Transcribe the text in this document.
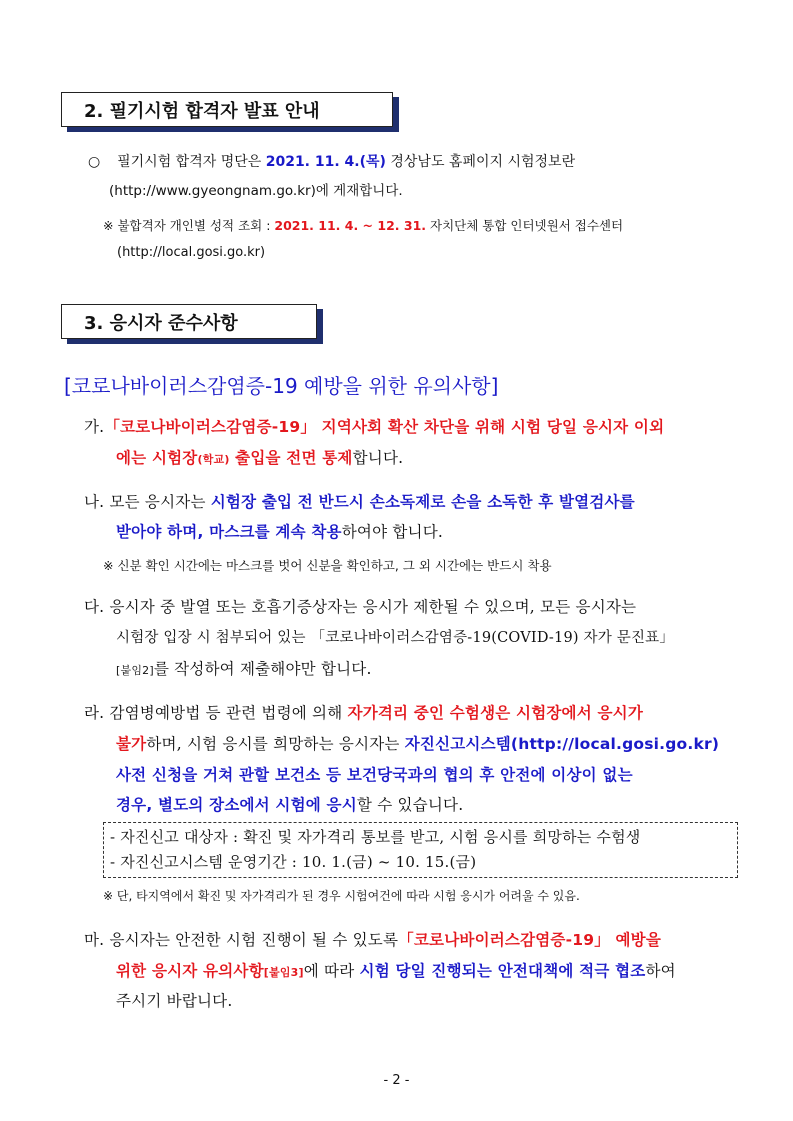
2. 필기시험 합격자 발표 안내
○ 필기시험 합격자 명단은 2021. 11. 4.(목) 경상남도 홈페이지 시험정보란
(http://www.gyeongnam.go.kr)에 게재합니다.
※ 불합격자 개인별 성적 조회 : 2021. 11. 4. ~ 12. 31. 자치단체 통합 인터넷원서 접수센터
(http://local.gosi.go.kr)
3. 응시자 준수사항
[코로나바이러스감염증-19 예방을 위한 유의사항]
가.「코로나바이러스감염증-19」 지역사회 확산 차단을 위해 시험 당일 응시자 이외
에는 시험장(학교) 출입을 전면 통제합니다.
나. 모든 응시자는 시험장 출입 전 반드시 손소독제로 손을 소독한 후 발열검사를
받아야 하며, 마스크를 계속 착용하여야 합니다.
※ 신분 확인 시간에는 마스크를 벗어 신분을 확인하고, 그 외 시간에는 반드시 착용
다. 응시자 중 발열 또는 호흡기증상자는 응시가 제한될 수 있으며, 모든 응시자는
시험장 입장 시 첨부되어 있는 「코로나바이러스감염증-19(COVID-19) 자가 문진표」
[붙임2]를 작성하여 제출해야만 합니다.
라. 감염병예방법 등 관련 법령에 의해 자가격리 중인 수험생은 시험장에서 응시가
불가하며, 시험 응시를 희망하는 응시자는 자진신고시스템(http://local.gosi.go.kr)
사전 신청을 거쳐 관할 보건소 등 보건당국과의 협의 후 안전에 이상이 없는
경우, 별도의 장소에서 시험에 응시할 수 있습니다.
- 자진신고 대상자 : 확진 및 자가격리 통보를 받고, 시험 응시를 희망하는 수험생
- 자진신고시스템 운영기간 : 10. 1.(금) ~ 10. 15.(금)
※ 단, 타지역에서 확진 및 자가격리가 된 경우 시험여건에 따라 시험 응시가 어려울 수 있음.
마. 응시자는 안전한 시험 진행이 될 수 있도록「코로나바이러스감염증-19」 예방을
위한 응시자 유의사항[붙임3]에 따라 시험 당일 진행되는 안전대책에 적극 협조하여
주시기 바랍니다.
- 2 -
